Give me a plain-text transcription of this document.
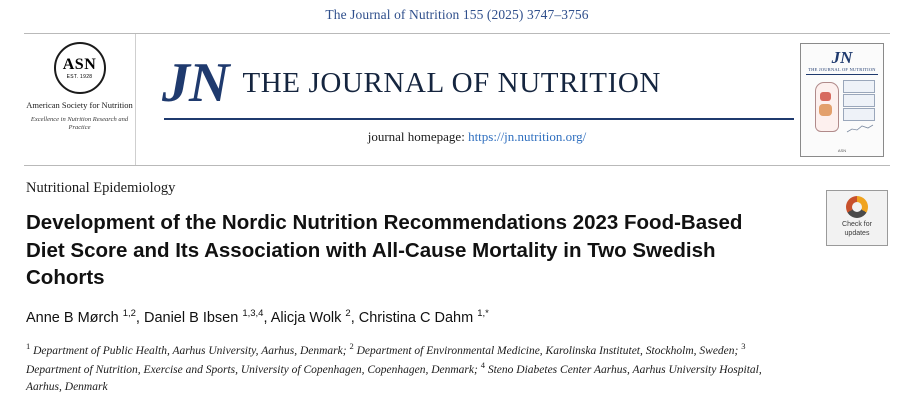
The Journal of Nutrition 155 (2025) 3747–3756
ASN
EST. 1928
American Society for Nutrition
Excellence in Nutrition Research and Practice
JN THE JOURNAL OF NUTRITION
journal homepage: https://jn.nutrition.org/
JN
THE JOURNAL OF NUTRITION
ASN
Nutritional Epidemiology
Development of the Nordic Nutrition Recommendations 2023 Food-Based Diet Score and Its Association with All-Cause Mortality in Two Swedish Cohorts
Anne B Mørch $^{1,2}$, Daniel B Ibsen $^{1,3,4}$, Alicja Wolk $^2$, Christina C Dahm $^{1,*}$
$^1$ Department of Public Health, Aarhus University, Aarhus, Denmark; $^2$ Department of Environmental Medicine, Karolinska Institutet, Stockholm, Sweden; $^3$ Department of Nutrition, Exercise and Sports, University of Copenhagen, Copenhagen, Denmark; $^4$ Steno Diabetes Center Aarhus, Aarhus University Hospital, Aarhus, Denmark
Check for
updates
